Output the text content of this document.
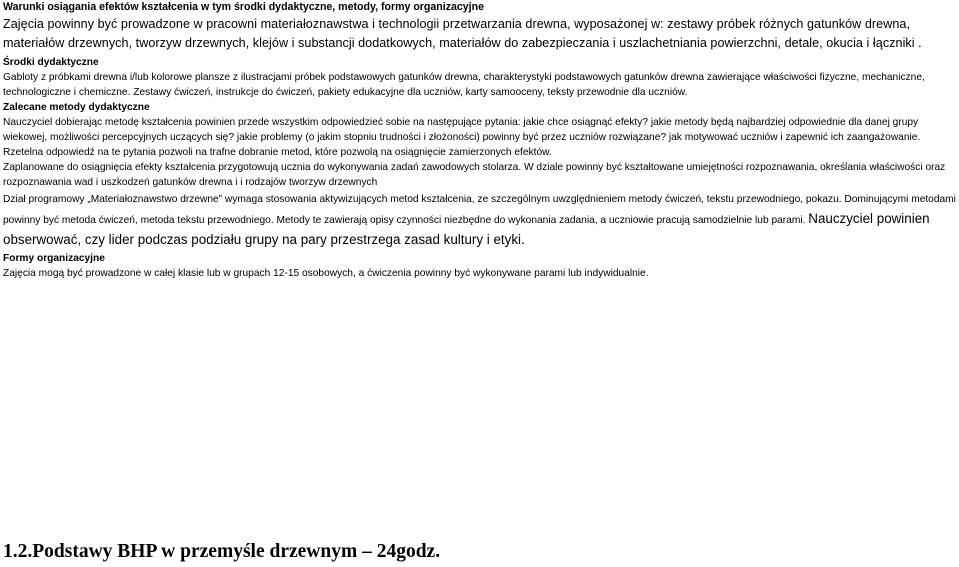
Warunki osiągania efektów kształcenia w tym środki dydaktyczne, metody, formy organizacyjne

Zajęcia powinny być prowadzone w pracowni materiałoznawstwa i technologii przetwarzania drewna, wyposażonej w: zestawy próbek różnych gatunków drewna, materiałów drzewnych, tworzyw drzewnych, klejów i substancji dodatkowych, materiałów do zabezpieczania i uszlachetniania powierzchni, detale, okucia i łączniki .

Środki dydaktyczne

Gabloty z próbkami drewna i/lub kolorowe plansze z ilustracjami próbek podstawowych gatunków drewna, charakterystyki podstawowych gatunków drewna zawierające właściwości fizyczne, mechaniczne, technologiczne i chemiczne. Zestawy ćwiczeń, instrukcje do ćwiczeń, pakiety edukacyjne dla uczniów, karty samooceny, teksty przewodnie dla uczniów.

Zalecane metody dydaktyczne

Nauczyciel dobierając metodę kształcenia powinien przede wszystkim odpowiedzieć sobie na następujące pytania: jakie chce osiągnąć efekty? jakie metody będą najbardziej odpowiednie dla danej grupy wiekowej, możliwości percepcyjnych uczących się? jakie problemy (o jakim stopniu trudności i złożoności) powinny być przez uczniów rozwiązane? jak motywować uczniów i zapewnić ich zaangażowanie. Rzetelna odpowiedź na te pytania pozwoli na trafne dobranie metod, które pozwolą na osiągnięcie zamierzonych efektów.

Zaplanowane do osiągnięcia efekty kształcenia przygotowują ucznia do wykonywania zadań zawodowych stolarza. W dziale powinny być kształtowane umiejętności rozpoznawania, określania właściwości oraz rozpoznawania wad i uszkodzeń gatunków drewna i i rodzajów tworzyw drzewnych

Dział programowy „Materiałoznawstwo drzewne” wymaga stosowania aktywizujących metod kształcenia, ze szczególnym uwzględnieniem metody ćwiczeń, tekstu przewodniego, pokazu. Dominującymi metodami powinny być metoda ćwiczeń, metoda tekstu przewodniego. Metody te zawierają opisy czynności niezbędne do wykonania zadania, a uczniowie pracują samodzielnie lub parami. Nauczyciel powinien obserwować, czy lider podczas podziału grupy na pary przestrzega zasad kultury i etyki.

Formy organizacyjne

Zajęcia mogą być prowadzone w całej klasie lub w grupach 12-15 osobowych, a ćwiczenia powinny być wykonywane parami lub indywidualnie.

1.2.Podstawy BHP w przemyśle drzewnym – 24godz.
